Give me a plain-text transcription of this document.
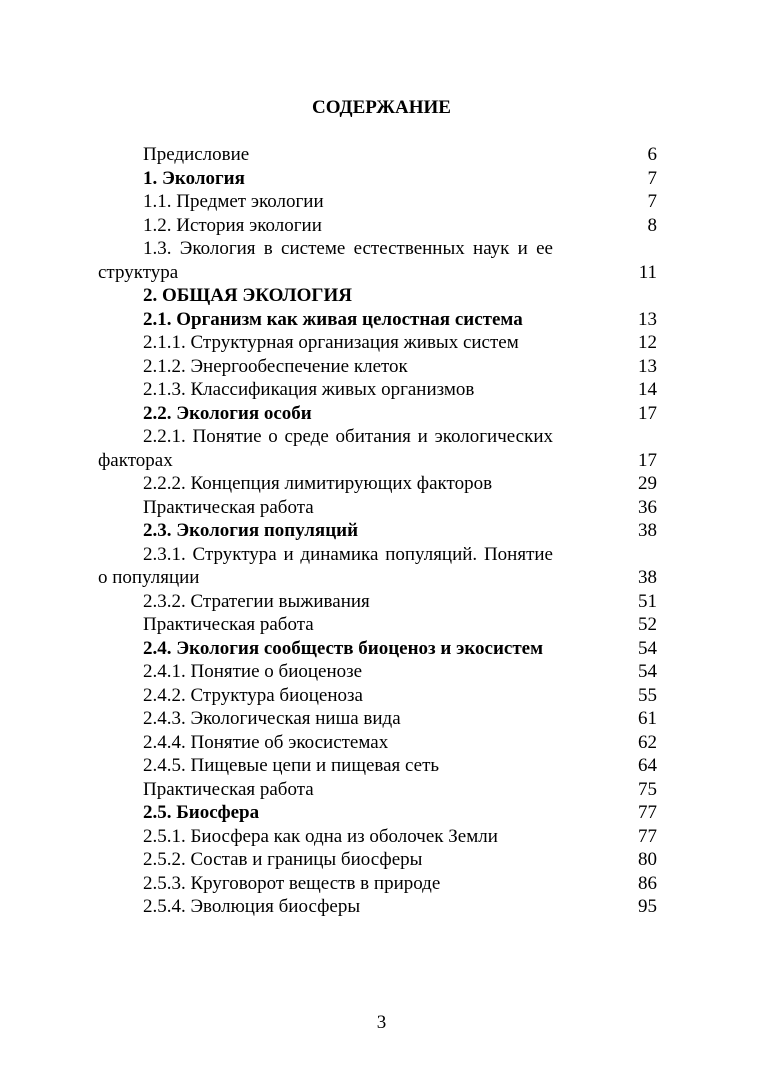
СОДЕРЖАНИЕ
Предисловие	6
1. Экология	7
1.1. Предмет экологии	7
1.2. История экологии	8
1.3. Экология в системе естественных наук и ее структура	11
2. ОБЩАЯ ЭКОЛОГИЯ
2.1. Организм как живая целостная система	13
2.1.1. Структурная организация живых систем	12
2.1.2. Энергообеспечение клеток	13
2.1.3. Классификация живых организмов	14
2.2. Экология особи	17
2.2.1. Понятие о среде обитания и экологических факторах	17
2.2.2. Концепция лимитирующих факторов	29
Практическая работа	36
2.3. Экология популяций	38
2.3.1. Структура и динамика популяций. Понятие о популяции	38
2.3.2. Стратегии выживания	51
Практическая работа	52
2.4. Экология сообществ биоценоз и экосистем	54
2.4.1. Понятие о биоценозе	54
2.4.2. Структура биоценоза	55
2.4.3. Экологическая ниша вида	61
2.4.4. Понятие об экосистемах	62
2.4.5. Пищевые цепи и пищевая сеть	64
Практическая работа	75
2.5. Биосфера	77
2.5.1. Биосфера как одна из оболочек Земли	77
2.5.2. Состав и границы биосферы	80
2.5.3. Круговорот веществ в природе	86
2.5.4. Эволюция биосферы	95
3
